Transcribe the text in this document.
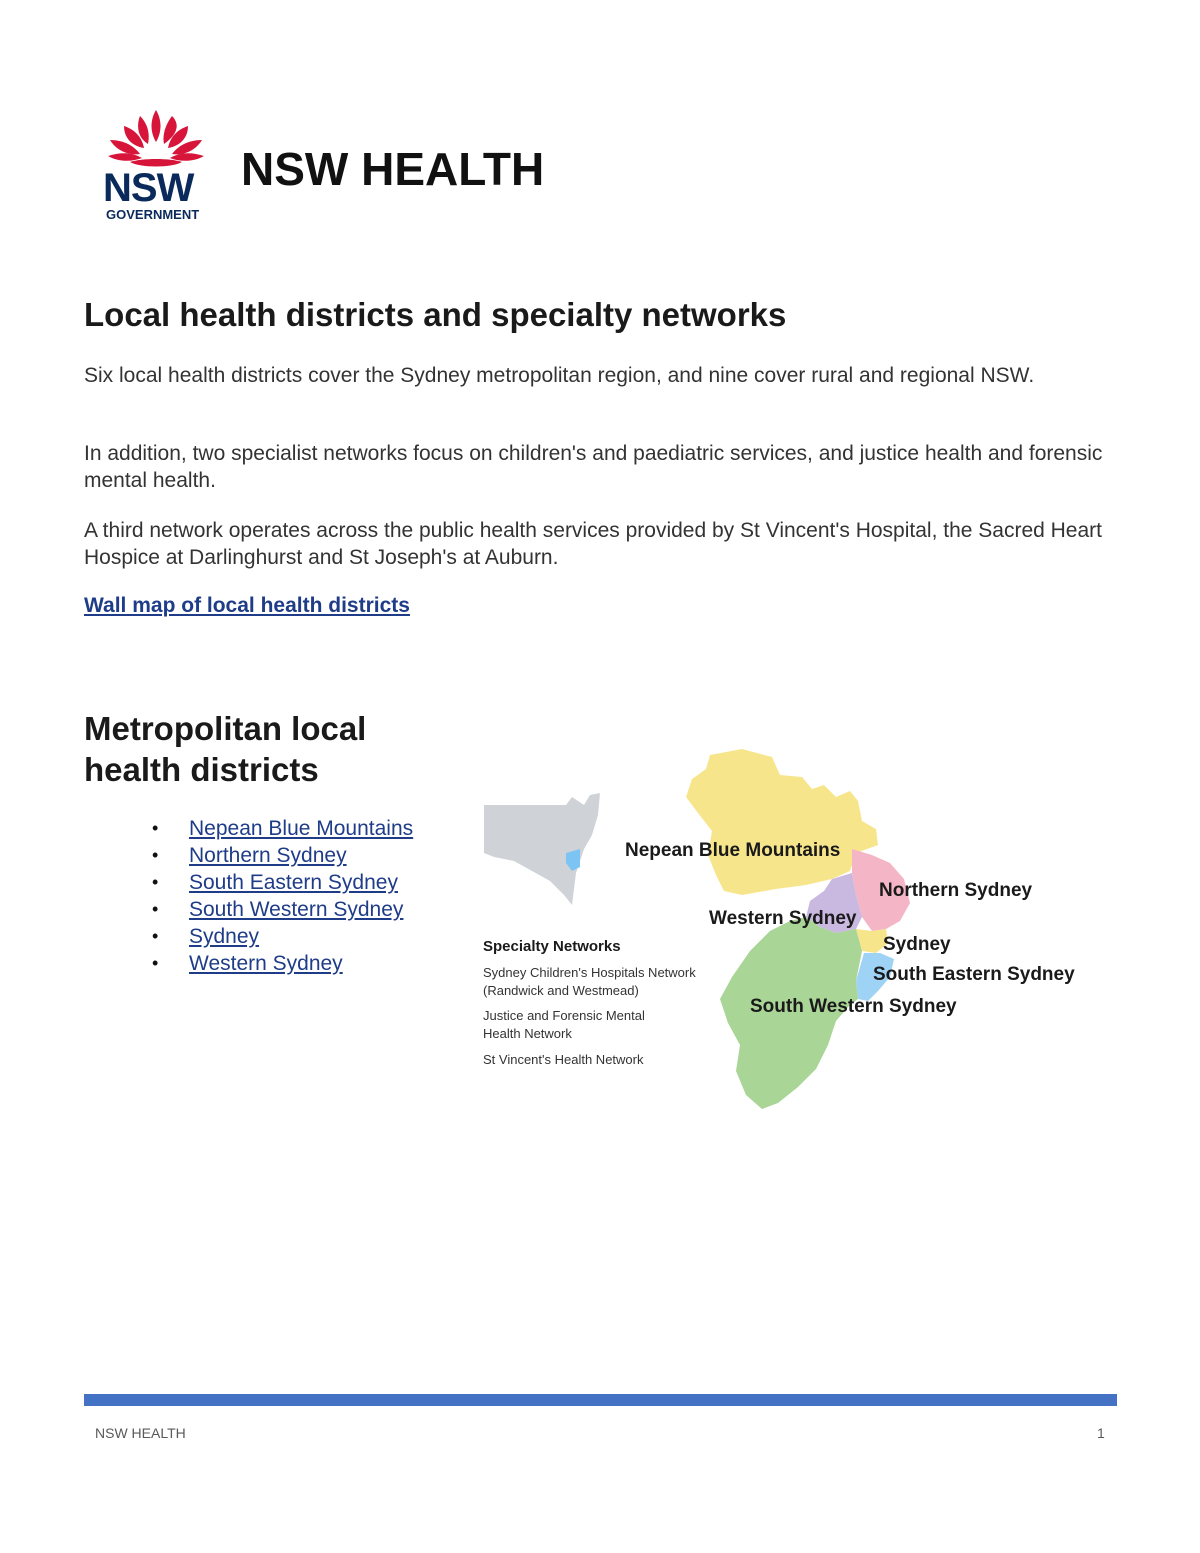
NSW
GOVERNMENT
NSW HEALTH
Local health districts and specialty networks

Six local health districts cover the Sydney metropolitan region, and nine cover rural and regional NSW.

In addition, two specialist networks focus on children's and paediatric services, and justice health and forensic mental health.

A third network operates across the public health services provided by St Vincent's Hospital, the Sacred Heart Hospice at Darlinghurst and St Joseph's at Auburn.

Wall map of local health districts
Metropolitan local health districts
• Nepean Blue Mountains
• Northern Sydney
• South Eastern Sydney
• South Western Sydney
• Sydney
• Western Sydney
Nepean Blue Mountains
Northern Sydney
Western Sydney
Sydney
South Eastern Sydney
South Western Sydney
Specialty Networks
Sydney Children's Hospitals Network
(Randwick and Westmead)
Justice and Forensic Mental
Health Network
St Vincent's Health Network
NSW HEALTH	1
